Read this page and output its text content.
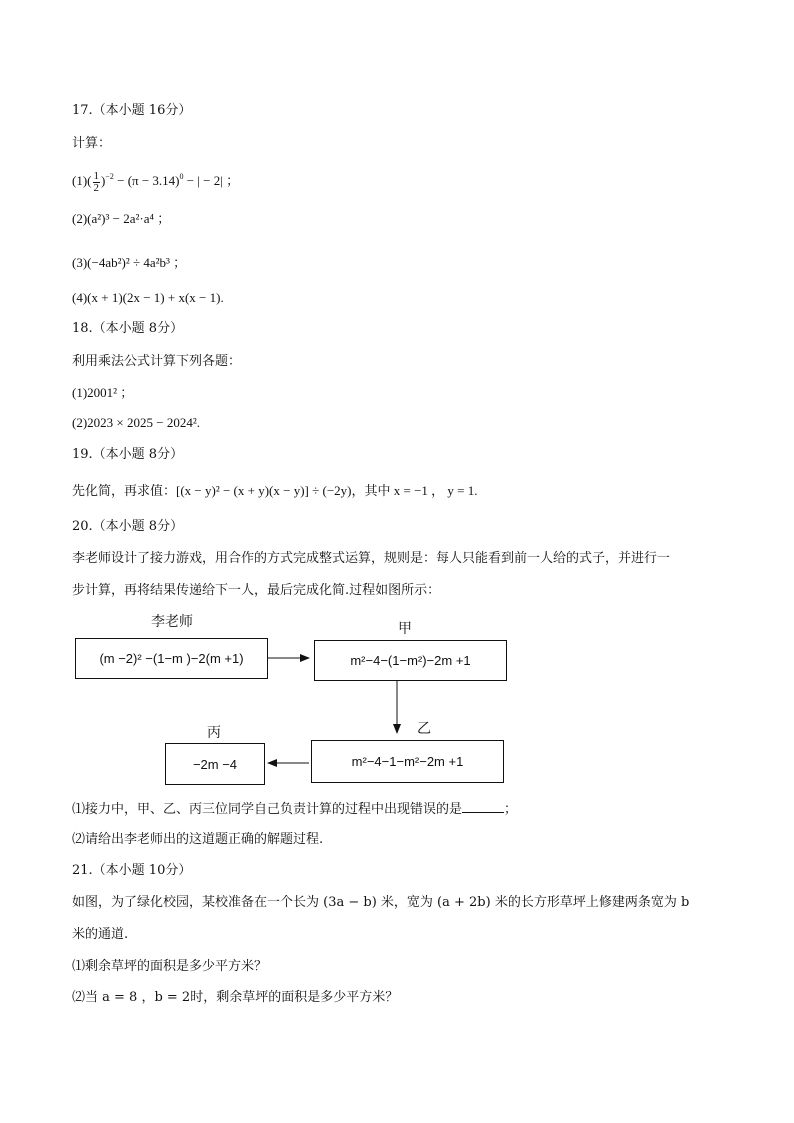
17.（本小题 16分）
计算：
$(1)( \frac{1}{2} )^{-2} - (\pi - 3.14)^0$ − | − 2| ；
(2)(a²)³ − 2a²·a⁴ ；
(3)(−4ab²)² ÷ 4a²b³ ；
(4)(x + 1)(2x − 1) + x(x − 1).
18.（本小题 8分）
利用乘法公式计算下列各题：
(1)2001² ；
(2)2023 × 2025 − 2024².
19.（本小题 8分）
先化简，再求值：[(x − y)² − (x + y)(x − y)] ÷ (−2y)，其中 x = −1 ， y = 1.
20.（本小题 8分）
李老师设计了接力游戏，用合作的方式完成整式运算，规则是：每人只能看到前一人给的式子，并进行一
步计算，再将结果传递给下一人，最后完成化简.过程如图所示：
李老师
(m −2)² −(1−m )−2(m +1)
甲
m²−4−(1−m²)−2m +1
乙
m²−4−1−m²−2m +1
丙
−2m −4
⑴接力中，甲、乙、丙三位同学自己负责计算的过程中出现错误的是	；
⑵请给出李老师出的这道题正确的解题过程.
21.（本小题 10分）
如图，为了绿化校园，某校准备在一个长为 (3a − b) 米，宽为 (a + 2b) 米的长方形草坪上修建两条宽为 b
米的通道.
⑴剩余草坪的面积是多少平方米？
⑵当 a = 8 ，b = 2时，剩余草坪的面积是多少平方米？
